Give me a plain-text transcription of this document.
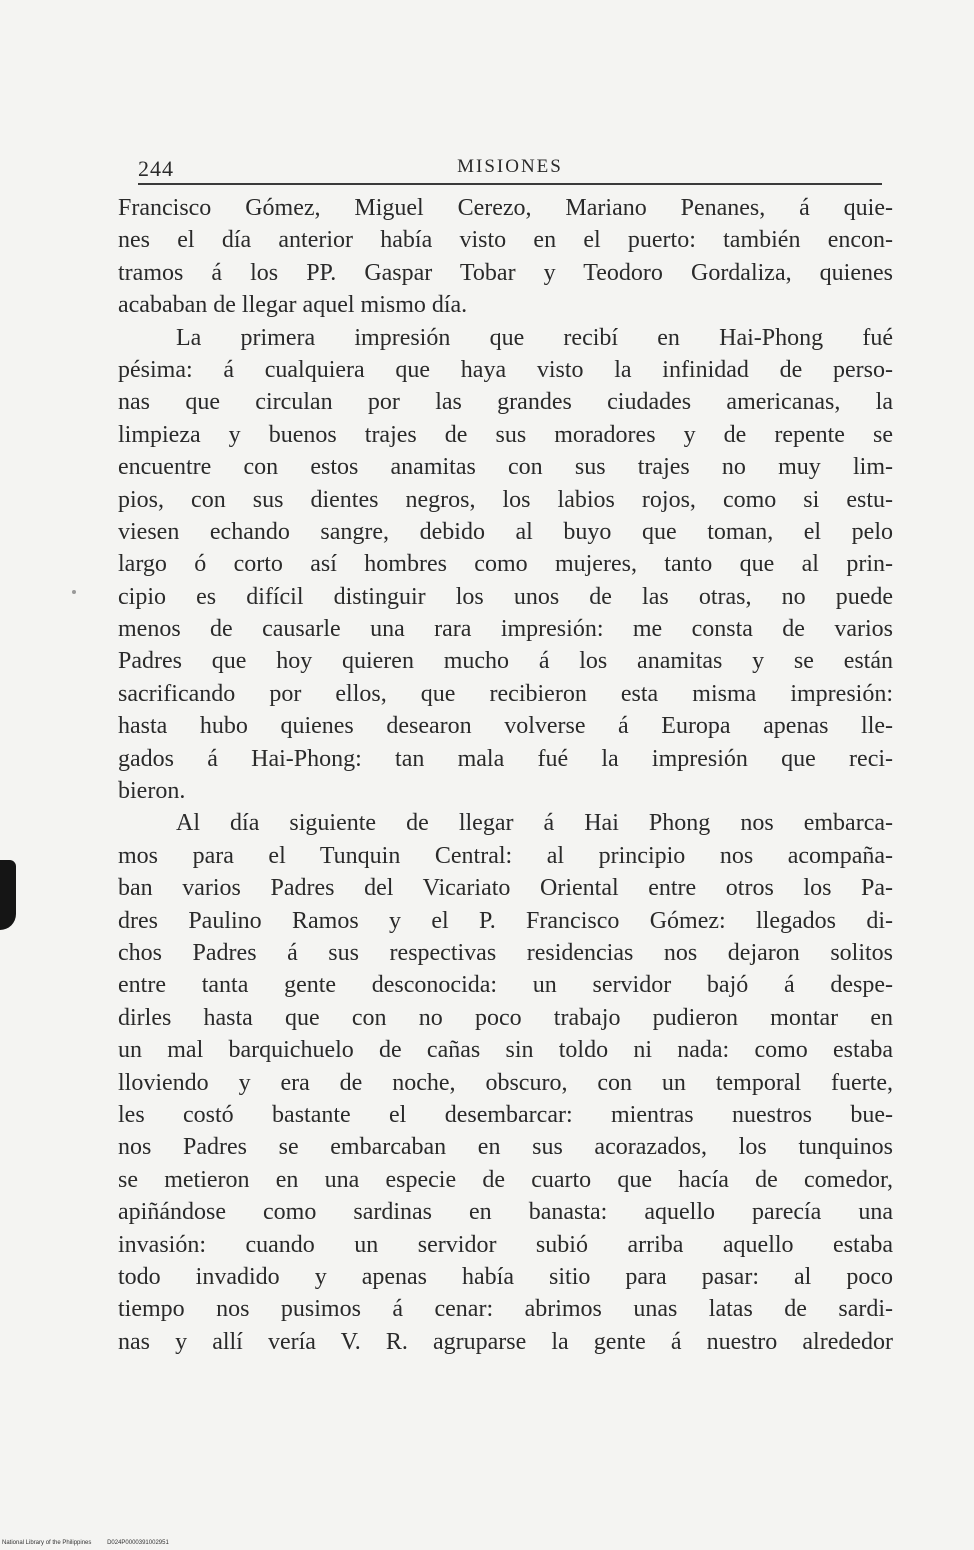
244	MISIONES
Francisco Gómez, Miguel Cerezo, Mariano Penanes, á quie-
nes el día anterior había visto en el puerto: también encon-
tramos á los PP. Gaspar Tobar y Teodoro Gordaliza, quienes
acababan de llegar aquel mismo día.
La primera impresión que recibí en Hai-Phong fué
pésima: á cualquiera que haya visto la infinidad de perso-
nas que circulan por las grandes ciudades americanas, la
limpieza y buenos trajes de sus moradores y de repente se
encuentre con estos anamitas con sus trajes no muy lim-
pios, con sus dientes negros, los labios rojos, como si estu-
viesen echando sangre, debido al buyo que toman, el pelo
largo ó corto así hombres como mujeres, tanto que al prin-
cipio es difícil distinguir los unos de las otras, no puede
menos de causarle una rara impresión: me consta de varios
Padres que hoy quieren mucho á los anamitas y se están
sacrificando por ellos, que recibieron esta misma impresión:
hasta hubo quienes desearon volverse á Europa apenas lle-
gados á Hai-Phong: tan mala fué la impresión que reci-
bieron.
Al día siguiente de llegar á Hai Phong nos embarca-
mos para el Tunquin Central: al principio nos acompaña-
ban varios Padres del Vicariato Oriental entre otros los Pa-
dres Paulino Ramos y el P. Francisco Gómez: llegados di-
chos Padres á sus respectivas residencias nos dejaron solitos
entre tanta gente desconocida: un servidor bajó á despe-
dirles hasta que con no poco trabajo pudieron montar en
un mal barquichuelo de cañas sin toldo ni nada: como estaba
lloviendo y era de noche, obscuro, con un temporal fuerte,
les costó bastante el desembarcar: mientras nuestros bue-
nos Padres se embarcaban en sus acorazados, los tunquinos
se metieron en una especie de cuarto que hacía de comedor,
apiñándose como sardinas en banasta: aquello parecía una
invasión: cuando un servidor subió arriba aquello estaba
todo invadido y apenas había sitio para pasar: al poco
tiempo nos pusimos á cenar: abrimos unas latas de sardi-
nas y allí vería V. R. agruparse la gente á nuestro alrededor
National Library of the Philippines	D024P0000391002951
